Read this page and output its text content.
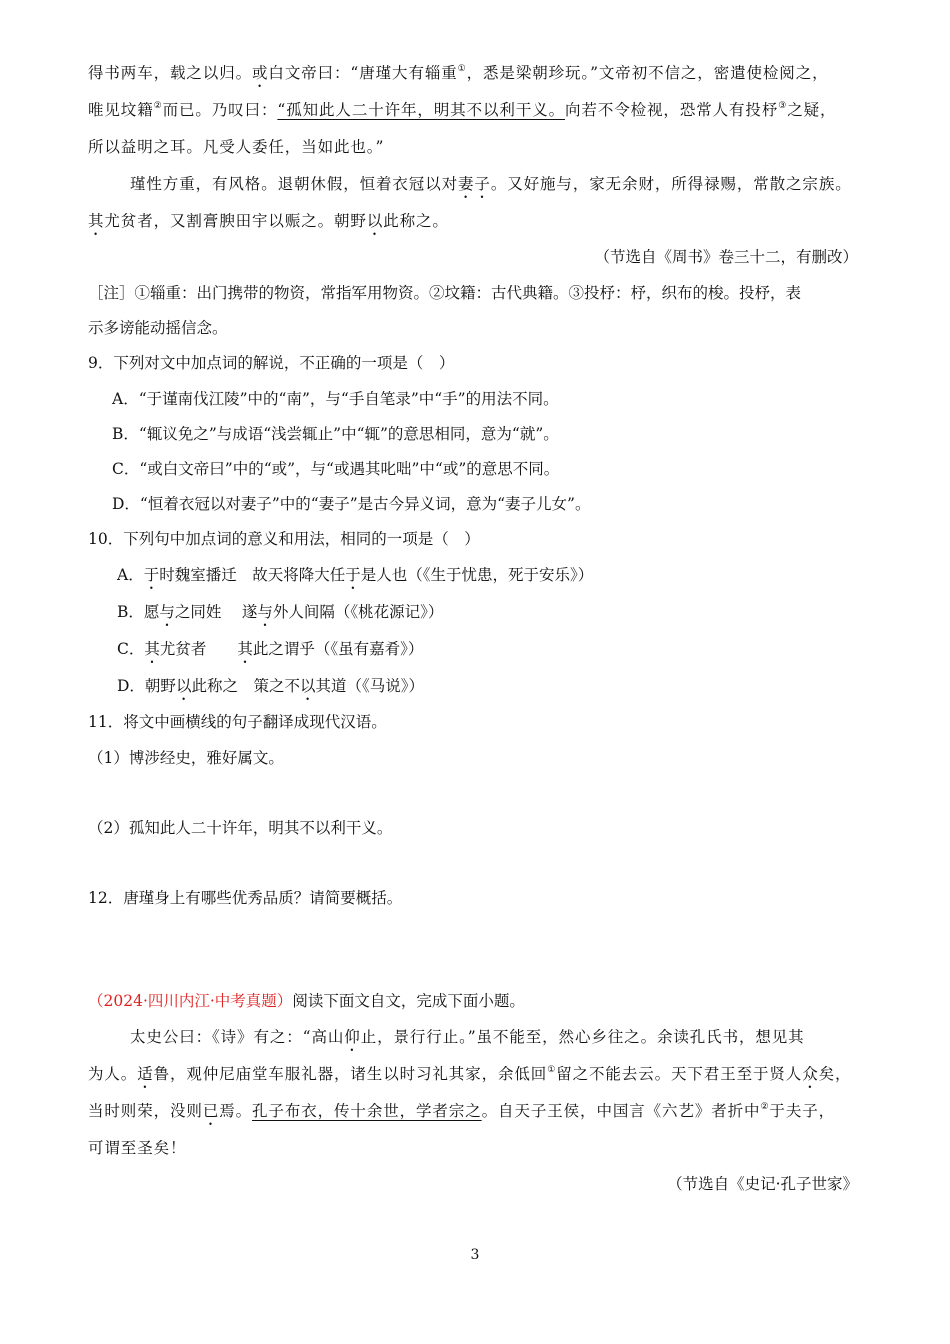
得书两车，载之以归。或白文帝曰：“唐瑾大有辎重①，悉是梁朝珍玩。”文帝初不信之，密遣使检阅之，
唯见坟籍②而已。乃叹曰：“孤知此人二十许年，明其不以利干义。向若不令检视，恐常人有投杼③之疑，
所以益明之耳。凡受人委任，当如此也。”
瑾性方重，有风格。退朝休假，恒着衣冠以对妻子。又好施与，家无余财，所得禄赐，常散之宗族。
其尤贫者，又割膏腴田宇以赈之。朝野以此称之。
（节选自《周书》卷三十二，有删改）
［注］①辎重：出门携带的物资，常指军用物资。②坟籍：古代典籍。③投杼：杼，织布的梭。投杼，表
示多谤能动摇信念。
9．下列对文中加点词的解说，不正确的一项是（　）
A．“于谨南伐江陵”中的“南”，与“手自笔录”中“手”的用法不同。
B．“辄议免之”与成语“浅尝辄止”中“辄”的意思相同，意为“就”。
C．“或白文帝曰”中的“或”，与“或遇其叱咄”中“或”的意思不同。
D．“恒着衣冠以对妻子”中的“妻子”是古今异义词，意为“妻子儿女”。
10．下列句中加点词的意义和用法，相同的一项是（　）
A．于时魏室播迁　故天将降大任于是人也（《生于忧患，死于安乐》）
B．愿与之同姓　 遂与外人间隔（《桃花源记》）
C．其尤贫者　　其此之谓乎（《虽有嘉肴》）
D．朝野以此称之　策之不以其道（《马说》）
11．将文中画横线的句子翻译成现代汉语。
（1）博涉经史，雅好属文。
（2）孤知此人二十许年，明其不以利干义。
12．唐瑾身上有哪些优秀品质？请简要概括。
（2024·四川内江·中考真题）阅读下面文自文，完成下面小题。
太史公曰：《诗》有之：“高山仰止，景行行止。”虽不能至，然心乡往之。余读孔氏书，想见其
为人。适鲁，观仲尼庙堂车服礼器，诸生以时习礼其家，余低回①留之不能去云。天下君王至于贤人众矣，
当时则荣，没则已焉。孔子布衣，传十余世，学者宗之。自天子王侯，中国言《六艺》者折中②于夫子，
可谓至圣矣！
（节选自《史记·孔子世家》
3
